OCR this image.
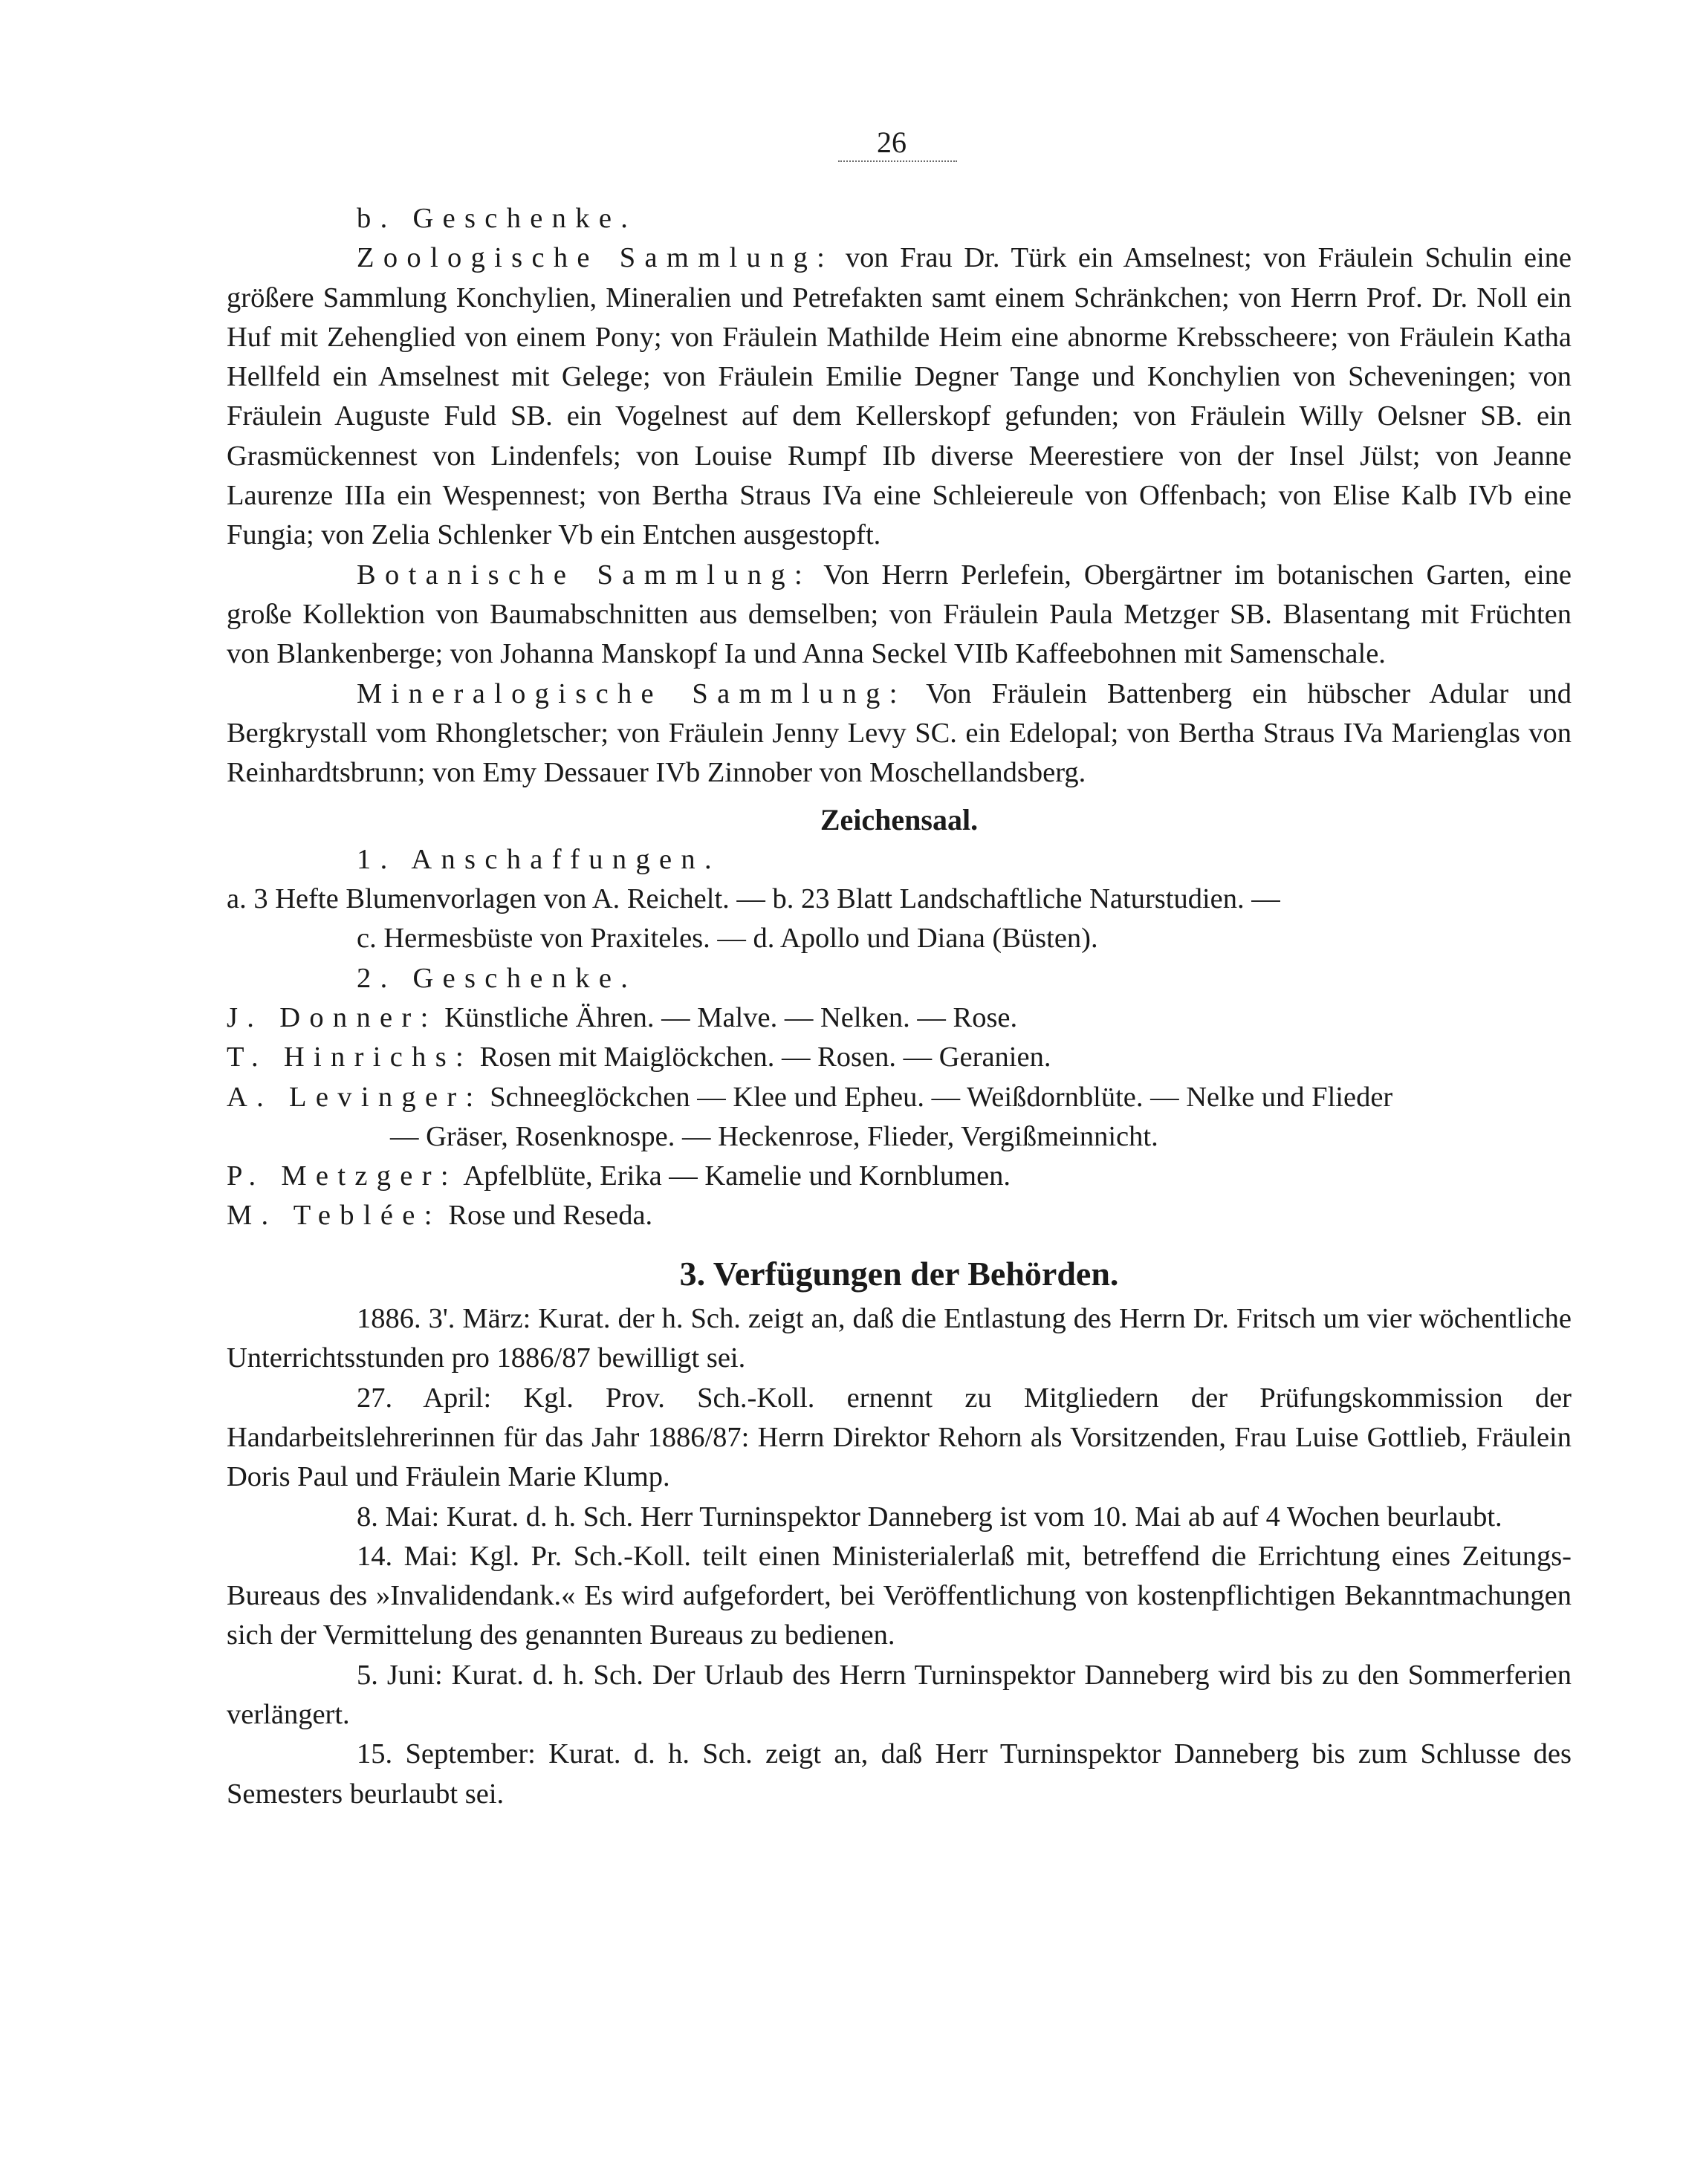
26

b. Geschenke.

Zoologische Sammlung: von Frau Dr. Türk ein Amselnest; von Fräulein Schulin eine größere Sammlung Konchylien, Mineralien und Petrefakten samt einem Schränkchen; von Herrn Prof. Dr. Noll ein Huf mit Zehenglied von einem Pony; von Fräulein Mathilde Heim eine abnorme Krebsscheere; von Fräulein Katha Hellfeld ein Amselnest mit Gelege; von Fräulein Emilie Degner Tange und Konchylien von Scheveningen; von Fräulein Auguste Fuld SB. ein Vogelnest auf dem Kellerskopf gefunden; von Fräulein Willy Oelsner SB. ein Grasmückennest von Lindenfels; von Louise Rumpf IIb diverse Meerestiere von der Insel Jülst; von Jeanne Laurenze IIIa ein Wespennest; von Bertha Straus IVa eine Schleiereule von Offenbach; von Elise Kalb IVb eine Fungia; von Zelia Schlenker Vb ein Entchen ausgestopft.

Botanische Sammlung: Von Herrn Perlefein, Obergärtner im botanischen Garten, eine große Kollektion von Baumabschnitten aus demselben; von Fräulein Paula Metzger SB. Blasentang mit Früchten von Blankenberge; von Johanna Manskopf Ia und Anna Seckel VIIb Kaffeebohnen mit Samenschale.

Mineralogische Sammlung: Von Fräulein Battenberg ein hübscher Adular und Bergkrystall vom Rhongletscher; von Fräulein Jenny Levy SC. ein Edelopal; von Bertha Straus IVa Marienglas von Reinhardtsbrunn; von Emy Dessauer IVb Zinnober von Moschellandsberg.

Zeichensaal.

1. Anschaffungen.

a. 3 Hefte Blumenvorlagen von A. Reichelt. — b. 23 Blatt Landschaftliche Naturstudien. —

c. Hermesbüste von Praxiteles. — d. Apollo und Diana (Büsten).

2. Geschenke.

J. Donner: Künstliche Ähren. — Malve. — Nelken. — Rose.

T. Hinrichs: Rosen mit Maiglöckchen. — Rosen. — Geranien.

A. Levinger: Schneeglöckchen — Klee und Epheu. — Weißdornblüte. — Nelke und Flieder

— Gräser, Rosenknospe. — Heckenrose, Flieder, Vergißmeinnicht.

P. Metzger: Apfelblüte, Erika — Kamelie und Kornblumen.

M. Teblée: Rose und Reseda.

3. Verfügungen der Behörden.

1886. 3'. März: Kurat. der h. Sch. zeigt an, daß die Entlastung des Herrn Dr. Fritsch um vier wöchentliche Unterrichtsstunden pro 1886/87 bewilligt sei.

27. April: Kgl. Prov. Sch.-Koll. ernennt zu Mitgliedern der Prüfungskommission der Handarbeitslehrerinnen für das Jahr 1886/87: Herrn Direktor Rehorn als Vorsitzenden, Frau Luise Gottlieb, Fräulein Doris Paul und Fräulein Marie Klump.

8. Mai: Kurat. d. h. Sch. Herr Turninspektor Danneberg ist vom 10. Mai ab auf 4 Wochen beurlaubt.

14. Mai: Kgl. Pr. Sch.-Koll. teilt einen Ministerialerlaß mit, betreffend die Errichtung eines Zeitungs-Bureaus des »Invalidendank.« Es wird aufgefordert, bei Veröffentlichung von kostenpflichtigen Bekanntmachungen sich der Vermittelung des genannten Bureaus zu bedienen.

5. Juni: Kurat. d. h. Sch. Der Urlaub des Herrn Turninspektor Danneberg wird bis zu den Sommerferien verlängert.

15. September: Kurat. d. h. Sch. zeigt an, daß Herr Turninspektor Danneberg bis zum Schlusse des Semesters beurlaubt sei.
